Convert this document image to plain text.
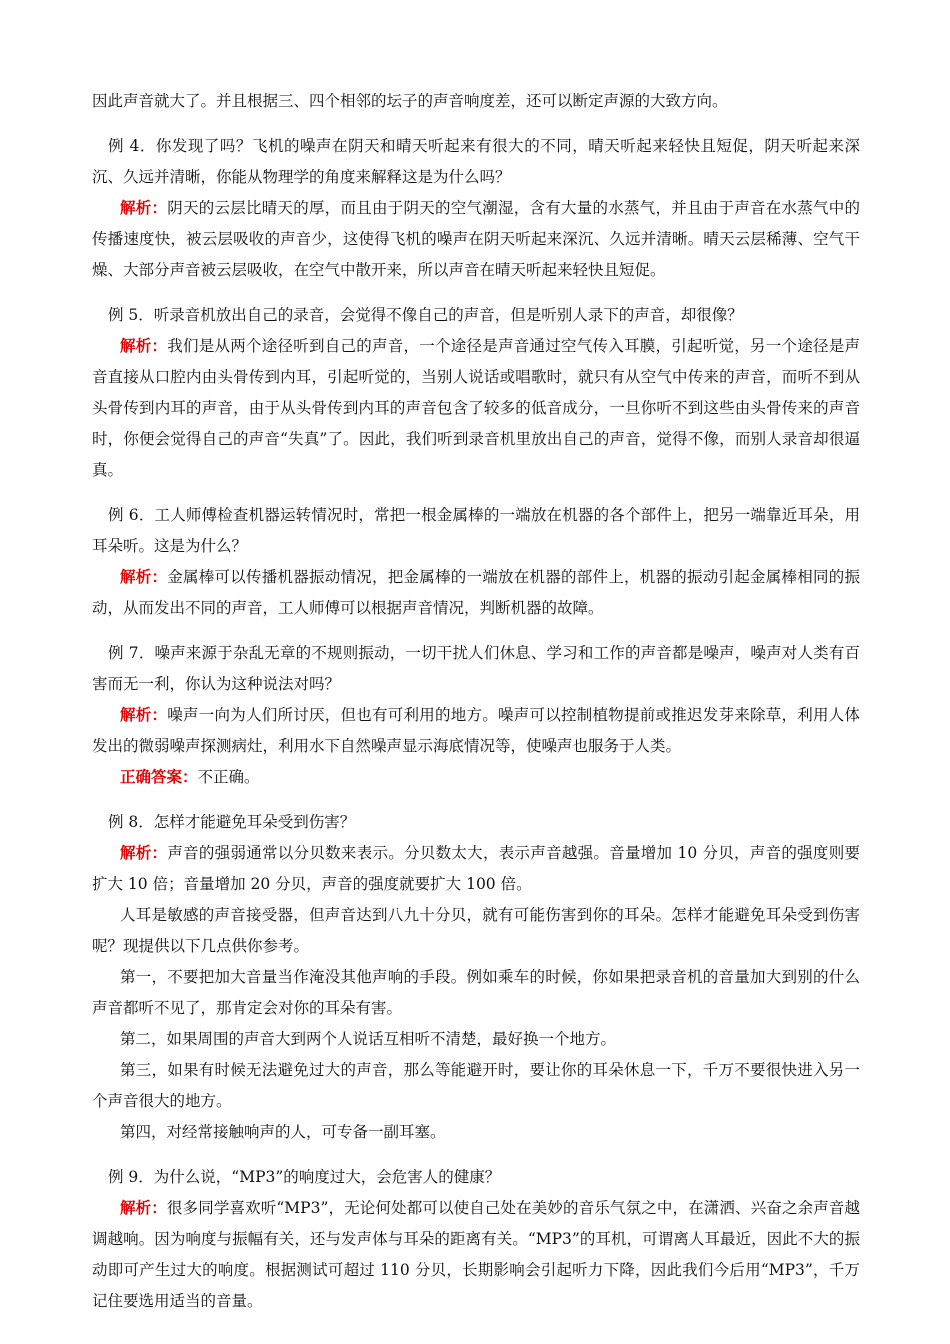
因此声音就大了。并且根据三、四个相邻的坛子的声音响度差，还可以断定声源的大致方向。

例 4．你发现了吗？飞机的噪声在阴天和晴天听起来有很大的不同，晴天听起来轻快且短促，阴天听起来深沉、久远并清晰，你能从物理学的角度来解释这是为什么吗？

解析：阴天的云层比晴天的厚，而且由于阴天的空气潮湿，含有大量的水蒸气，并且由于声音在水蒸气中的传播速度快，被云层吸收的声音少，这使得飞机的噪声在阴天听起来深沉、久远并清晰。晴天云层稀薄、空气干燥、大部分声音被云层吸收，在空气中散开来，所以声音在晴天听起来轻快且短促。

例 5．听录音机放出自己的录音，会觉得不像自己的声音，但是听别人录下的声音，却很像？

解析：我们是从两个途径听到自己的声音，一个途径是声音通过空气传入耳膜，引起听觉，另一个途径是声音直接从口腔内由头骨传到内耳，引起听觉的，当别人说话或唱歌时，就只有从空气中传来的声音，而听不到从头骨传到内耳的声音，由于从头骨传到内耳的声音包含了较多的低音成分，一旦你听不到这些由头骨传来的声音时，你便会觉得自己的声音“失真”了。因此，我们听到录音机里放出自己的声音，觉得不像，而别人录音却很逼真。

例 6．工人师傅检查机器运转情况时，常把一根金属棒的一端放在机器的各个部件上，把另一端靠近耳朵，用耳朵听。这是为什么？

解析：金属棒可以传播机器振动情况，把金属棒的一端放在机器的部件上，机器的振动引起金属棒相同的振动，从而发出不同的声音，工人师傅可以根据声音情况，判断机器的故障。

例 7．噪声来源于杂乱无章的不规则振动，一切干扰人们休息、学习和工作的声音都是噪声，噪声对人类有百害而无一利，你认为这种说法对吗？

解析：噪声一向为人们所讨厌，但也有可利用的地方。噪声可以控制植物提前或推迟发芽来除草，利用人体发出的微弱噪声探测病灶，利用水下自然噪声显示海底情况等，使噪声也服务于人类。

正确答案：不正确。

例 8．怎样才能避免耳朵受到伤害？

解析：声音的强弱通常以分贝数来表示。分贝数太大，表示声音越强。音量增加 10 分贝，声音的强度则要扩大 10 倍；音量增加 20 分贝，声音的强度就要扩大 100 倍。

人耳是敏感的声音接受器，但声音达到八九十分贝，就有可能伤害到你的耳朵。怎样才能避免耳朵受到伤害呢？现提供以下几点供你参考。

第一，不要把加大音量当作淹没其他声响的手段。例如乘车的时候，你如果把录音机的音量加大到别的什么声音都听不见了，那肯定会对你的耳朵有害。

第二，如果周围的声音大到两个人说话互相听不清楚，最好换一个地方。

第三，如果有时候无法避免过大的声音，那么等能避开时，要让你的耳朵休息一下，千万不要很快进入另一个声音很大的地方。

第四，对经常接触响声的人，可专备一副耳塞。

例 9．为什么说，“MP3”的响度过大，会危害人的健康？

解析：很多同学喜欢听“MP3”，无论何处都可以使自己处在美妙的音乐气氛之中，在潇洒、兴奋之余声音越调越响。因为响度与振幅有关，还与发声体与耳朵的距离有关。“MP3”的耳机，可谓离人耳最近，因此不大的振动即可产生过大的响度。根据测试可超过 110 分贝，长期影响会引起听力下降，因此我们今后用“MP3”，千万记住要选用适当的音量。
